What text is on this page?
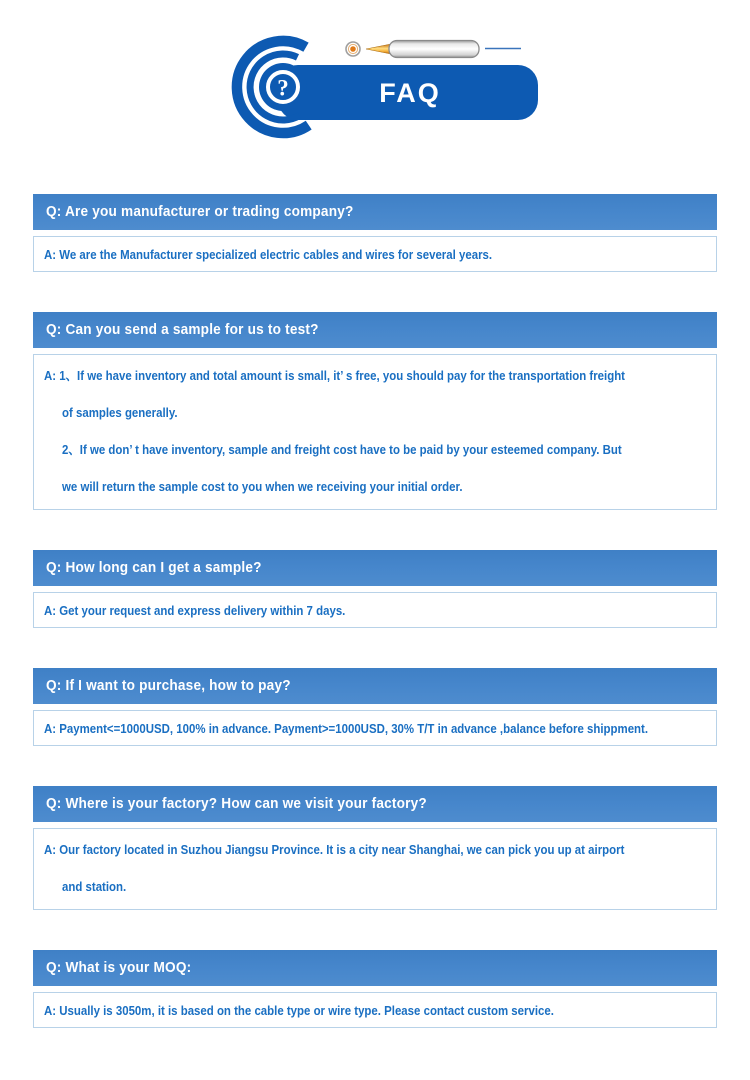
FAQ
?
Q: Are you manufacturer or trading company?
A: We are the Manufacturer specialized electric cables and wires for several years.
Q: Can you send a sample for us to test?
A: 1、If we have inventory and total amount is small, it’ s free, you should pay for the transportation freight
of samples generally.
2、If we don’ t have inventory, sample and freight cost have to be paid by your esteemed company. But
we will return the sample cost to you when we receiving your initial order.
Q: How long can I get a sample?
A: Get your request and express delivery within 7 days.
Q: If I want to purchase, how to pay?
A: Payment<=1000USD, 100% in advance. Payment>=1000USD, 30% T/T in advance ,balance before shippment.
Q: Where is your factory? How can we visit your factory?
A: Our factory located in Suzhou Jiangsu Province. It is a city near Shanghai, we can pick you up at airport
and station.
Q: What is your MOQ:
A: Usually is 3050m, it is based on the cable type or wire type. Please contact custom service.
